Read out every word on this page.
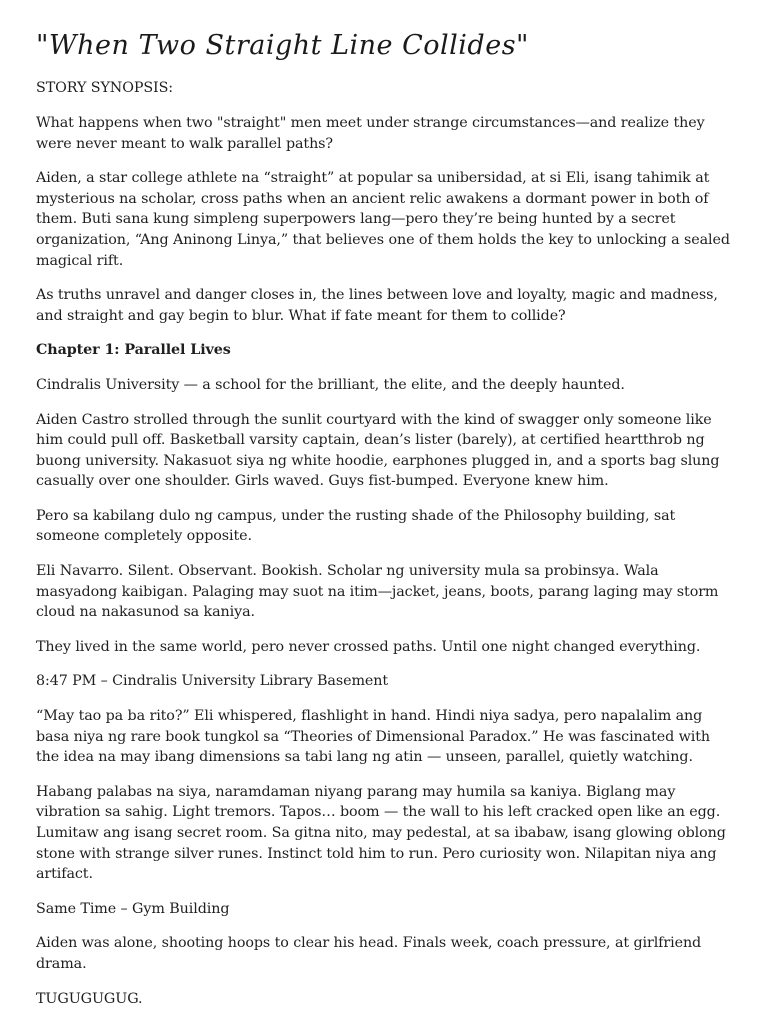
"When Two Straight Line Collides"

STORY SYNOPSIS:

What happens when two "straight" men meet under strange circumstances—and realize they were never meant to walk parallel paths?

Aiden, a star college athlete na “straight” at popular sa unibersidad, at si Eli, isang tahimik at mysterious na scholar, cross paths when an ancient relic awakens a dormant power in both of them. Buti sana kung simpleng superpowers lang—pero they’re being hunted by a secret organization, “Ang Aninong Linya,” that believes one of them holds the key to unlocking a sealed magical rift.

As truths unravel and danger closes in, the lines between love and loyalty, magic and madness, and straight and gay begin to blur. What if fate meant for them to collide?

Chapter 1: Parallel Lives

Cindralis University — a school for the brilliant, the elite, and the deeply haunted.

Aiden Castro strolled through the sunlit courtyard with the kind of swagger only someone like him could pull off. Basketball varsity captain, dean’s lister (barely), at certified heartthrob ng buong university. Nakasuot siya ng white hoodie, earphones plugged in, and a sports bag slung casually over one shoulder. Girls waved. Guys fist-bumped. Everyone knew him.

Pero sa kabilang dulo ng campus, under the rusting shade of the Philosophy building, sat someone completely opposite.

Eli Navarro. Silent. Observant. Bookish. Scholar ng university mula sa probinsya. Wala masyadong kaibigan. Palaging may suot na itim—jacket, jeans, boots, parang laging may storm cloud na nakasunod sa kaniya.

They lived in the same world, pero never crossed paths. Until one night changed everything.

8:47 PM – Cindralis University Library Basement

“May tao pa ba rito?” Eli whispered, flashlight in hand. Hindi niya sadya, pero napalalim ang basa niya ng rare book tungkol sa “Theories of Dimensional Paradox.” He was fascinated with the idea na may ibang dimensions sa tabi lang ng atin — unseen, parallel, quietly watching.

Habang palabas na siya, naramdaman niyang parang may humila sa kaniya. Biglang may vibration sa sahig. Light tremors. Tapos… boom — the wall to his left cracked open like an egg. Lumitaw ang isang secret room. Sa gitna nito, may pedestal, at sa ibabaw, isang glowing oblong stone with strange silver runes. Instinct told him to run. Pero curiosity won. Nilapitan niya ang artifact.

Same Time – Gym Building

Aiden was alone, shooting hoops to clear his head. Finals week, coach pressure, at girlfriend drama.

TUGUGUGUG.
